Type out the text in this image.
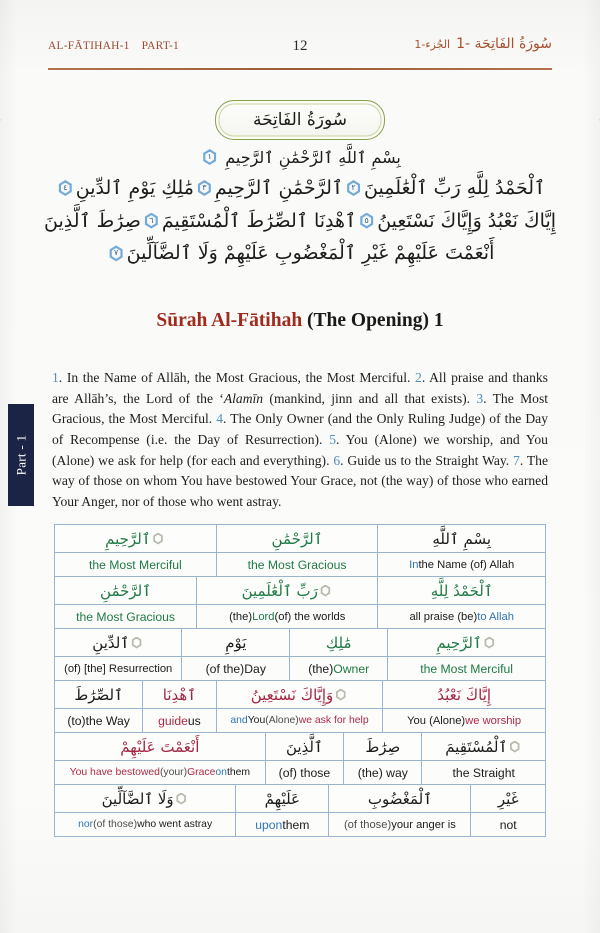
AL-FĀTIHAH-1 PART-1	12	سُورَةُ الفَاتِحَة -1الجُزء-1
سُورَةُ الفَاتِحَة
بِسْمِ ٱللَّهِ ٱلرَّحْمَٰنِ ٱلرَّحِيمِ
١
ٱلْحَمْدُ لِلَّهِ رَبِّ ٱلْعَٰلَمِينَ
٢
ٱلرَّحْمَٰنِ ٱلرَّحِيمِ
٣
مَٰلِكِ يَوْمِ ٱلدِّينِ
٤
إِيَّاكَ نَعْبُدُ وَإِيَّاكَ نَسْتَعِينُ
٥
ٱهْدِنَا ٱلصِّرَٰطَ ٱلْمُسْتَقِيمَ
٦
صِرَٰطَ ٱلَّذِينَ أَنْعَمْتَ عَلَيْهِمْ غَيْرِ ٱلْمَغْضُوبِ عَلَيْهِمْ وَلَا ٱلضَّآلِّينَ
٧
Sūrah Al-Fātihah (The Opening) 1
1. In the Name of Allāh, the Most Gracious, the Most Merciful. 2. All praise and thanks are Allāh’s, the Lord of the ‘Alamīn (mankind, jinn and all that exists). 3. The Most Gracious, the Most Merciful. 4. The Only Owner (and the Only Ruling Judge) of the Day of Recompense (i.e. the Day of Resurrection). 5. You (Alone) we worship, and You (Alone) we ask for help (for each and everything). 6. Guide us to the Straight Way. 7. The way of those on whom You have bestowed Your Grace, not (the way) of those who earned Your Anger, nor of those who went astray.
Part - 1
ٱلرَّحِيمِ
the Most Merciful
ٱلرَّحْمَٰنِ
the Most Gracious
بِسْمِ ٱللَّهِ
In the Name (of) Allah
ٱلرَّحْمَٰنِ
the Most Gracious
رَبِّ ٱلْعَٰلَمِينَ
(the) Lord (of) the worlds
ٱلْحَمْدُ لِلَّهِ
all praise (be) to Allah
ٱلدِّينِ
(of) [the] Resurrection
يَوْمِ
(of the) Day
مَٰلِكِ
(the) Owner
ٱلرَّحِيمِ
the Most Merciful
ٱلصِّرَٰطَ
(to) the Way
ٱهْدِنَا
guide us
وَإِيَّاكَ نَسْتَعِينُ
and You (Alone) we ask for help
إِيَّاكَ نَعْبُدُ
You (Alone) we worship
أَنْعَمْتَ عَلَيْهِمْ
You have bestowed (your) Grace on them
ٱلَّذِينَ
(of) those
صِرَٰطَ
(the) way
ٱلْمُسْتَقِيمَ
the Straight
وَلَا ٱلضَّآلِّينَ
nor (of those) who went astray
عَلَيْهِمْ
upon them
ٱلْمَغْضُوبِ
(of those) your anger is
غَيْرِ
not
